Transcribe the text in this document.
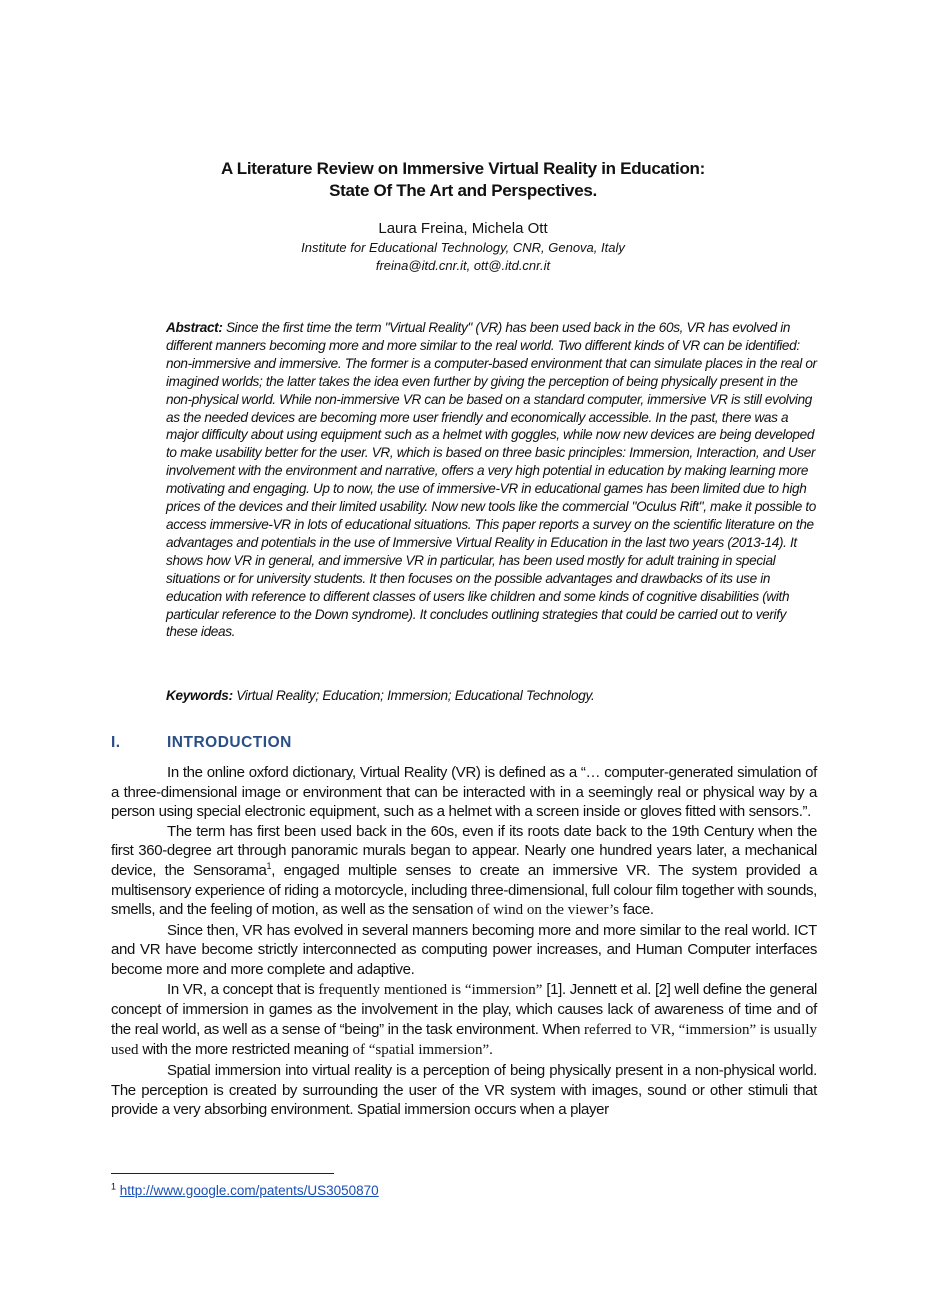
A Literature Review on Immersive Virtual Reality in Education:
State Of The Art and Perspectives.
Laura Freina, Michela Ott
Institute for Educational Technology, CNR, Genova, Italy
freina@itd.cnr.it, ott@.itd.cnr.it
Abstract: Since the first time the term "Virtual Reality" (VR) has been used back in the 60s, VR has evolved in different manners becoming more and more similar to the real world. Two different kinds of VR can be identified: non-immersive and immersive. The former is a computer-based environment that can simulate places in the real or imagined worlds; the latter takes the idea even further by giving the perception of being physically present in the non-physical world. While non-immersive VR can be based on a standard computer, immersive VR is still evolving as the needed devices are becoming more user friendly and economically accessible. In the past, there was a major difficulty about using equipment such as a helmet with goggles, while now new devices are being developed to make usability better for the user. VR, which is based on three basic principles: Immersion, Interaction, and User involvement with the environment and narrative, offers a very high potential in education by making learning more motivating and engaging. Up to now, the use of immersive-VR in educational games has been limited due to high prices of the devices and their limited usability. Now new tools like the commercial "Oculus Rift", make it possible to access immersive-VR in lots of educational situations. This paper reports a survey on the scientific literature on the advantages and potentials in the use of Immersive Virtual Reality in Education in the last two years (2013-14). It shows how VR in general, and immersive VR in particular, has been used mostly for adult training in special situations or for university students. It then focuses on the possible advantages and drawbacks of its use in education with reference to different classes of users like children and some kinds of cognitive disabilities (with particular reference to the Down syndrome). It concludes outlining strategies that could be carried out to verify these ideas.
Keywords: Virtual Reality; Education; Immersion; Educational Technology.
I.	INTRODUCTION

In the online oxford dictionary, Virtual Reality (VR) is defined as a “… computer-generated simulation of a three-dimensional image or environment that can be interacted with in a seemingly real or physical way by a person using special electronic equipment, such as a helmet with a screen inside or gloves fitted with sensors.”.

The term has first been used back in the 60s, even if its roots date back to the 19th Century when the first 360-degree art through panoramic murals began to appear. Nearly one hundred years later, a mechanical device, the Sensorama$^1$, engaged multiple senses to create an immersive VR. The system provided a multisensory experience of riding a motorcycle, including three-dimensional, full colour film together with sounds, smells, and the feeling of motion, as well as the sensation of wind on the viewer’s face.

Since then, VR has evolved in several manners becoming more and more similar to the real world. ICT and VR have become strictly interconnected as computing power increases, and Human Computer interfaces become more and more complete and adaptive.

In VR, a concept that is frequently mentioned is “immersion” [1]. Jennett et al. [2] well define the general concept of immersion in games as the involvement in the play, which causes lack of awareness of time and of the real world, as well as a sense of “being” in the task environment. When referred to VR, “immersion” is usually used with the more restricted meaning of “spatial immersion”.

Spatial immersion into virtual reality is a perception of being physically present in a non-physical world. The perception is created by surrounding the user of the VR system with images, sound or other stimuli that provide a very absorbing environment. Spatial immersion occurs when a player

$^1$ http://www.google.com/patents/US3050870
